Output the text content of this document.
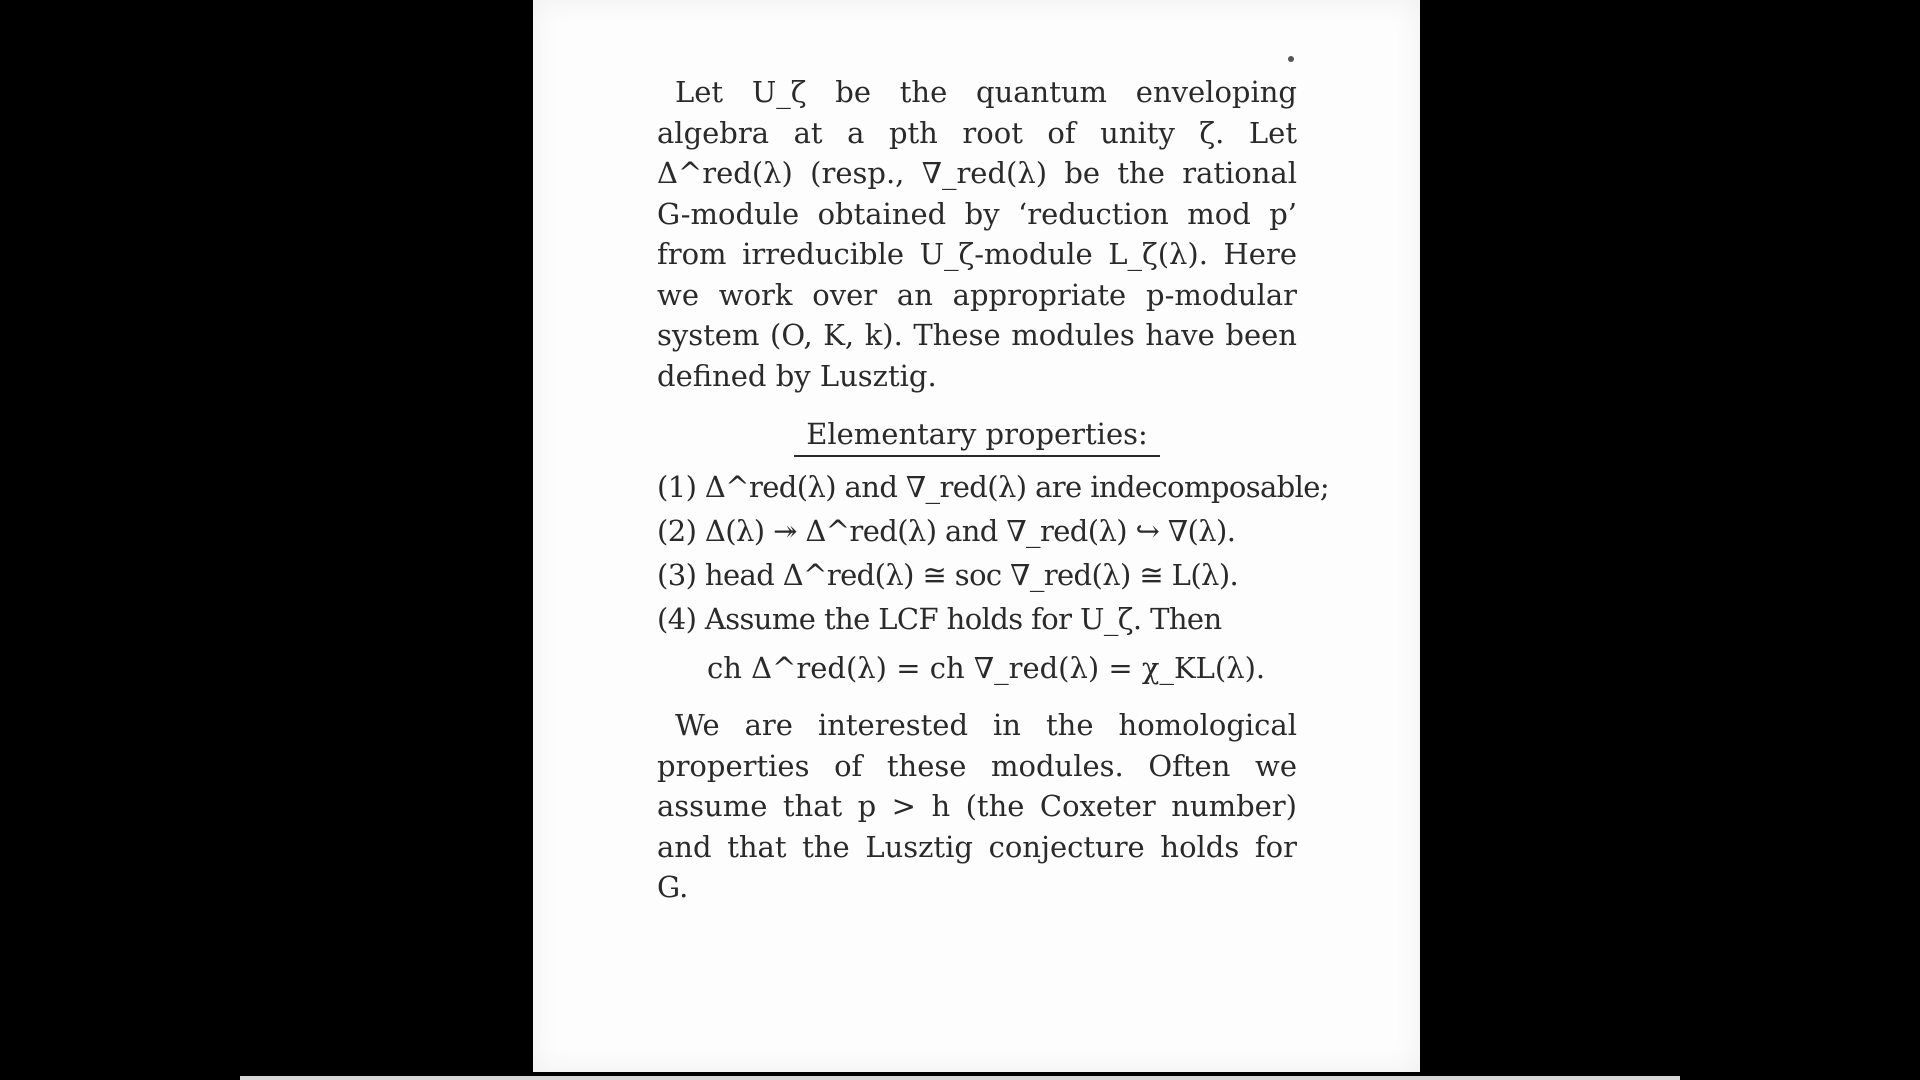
Let U_ζ be the quantum enveloping algebra at a pth root of unity ζ. Let Δ^red(λ) (resp., ∇_red(λ) be the rational G-module obtained by ‘reduction mod p’ from irreducible U_ζ-module L_ζ(λ). Here we work over an appropriate p-modular system (O, K, k). These modules have been defined by Lusztig.

Elementary properties:
(1) Δ^red(λ) and ∇_red(λ) are indecomposable;
(2) Δ(λ) ↠ Δ^red(λ) and ∇_red(λ) ↪ ∇(λ).
(3) head Δ^red(λ) ≅ soc ∇_red(λ) ≅ L(λ).
(4) Assume the LCF holds for U_ζ. Then
ch Δ^red(λ) = ch ∇_red(λ) = χ_KL(λ).

We are interested in the homological properties of these modules. Often we assume that p > h (the Coxeter number) and that the Lusztig conjecture holds for G.
